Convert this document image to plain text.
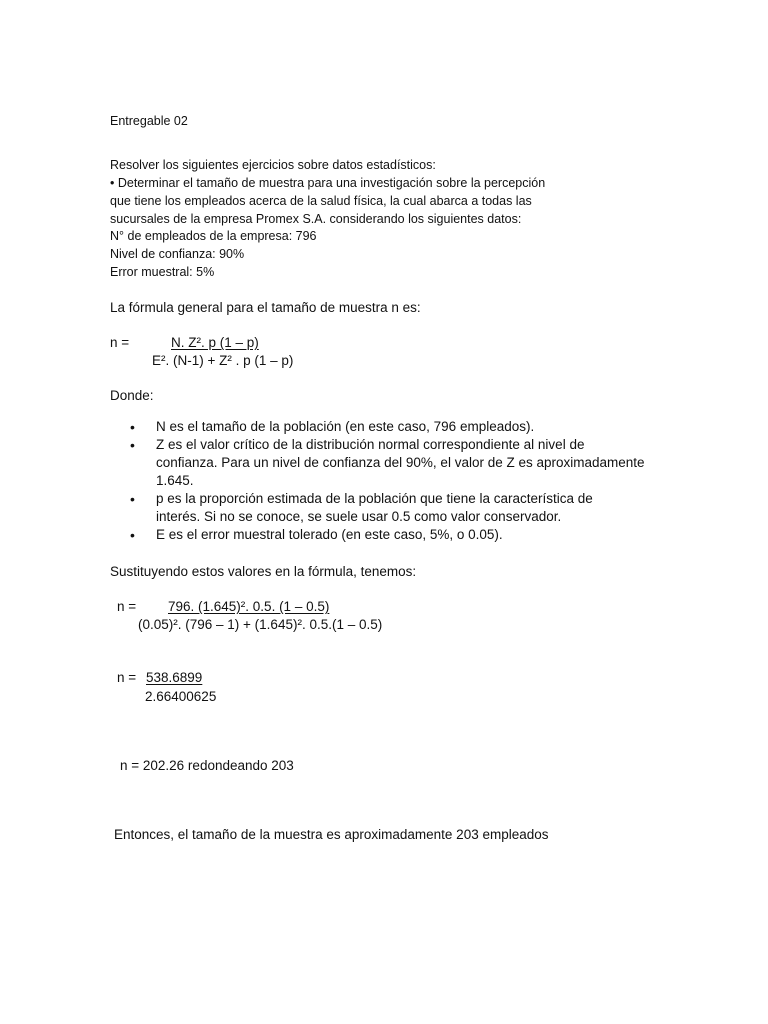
Entregable 02
Resolver los siguientes ejercicios sobre datos estadísticos:
• Determinar el tamaño de muestra para una investigación sobre la percepción
que tiene los empleados acerca de la salud física, la cual abarca a todas las
sucursales de la empresa Promex S.A. considerando los siguientes datos:
N° de empleados de la empresa: 796
Nivel de confianza: 90%
Error muestral: 5%
La fórmula general para el tamaño de muestra n es:
n =	N. Z². p (1 – p)
E². (N-1) + Z² . p (1 – p)
Donde:
• N es el tamaño de la población (en este caso, 796 empleados).
• Z es el valor crítico de la distribución normal correspondiente al nivel de
confianza. Para un nivel de confianza del 90%, el valor de Z es aproximadamente
1.645.
• p es la proporción estimada de la población que tiene la característica de
interés. Si no se conoce, se suele usar 0.5 como valor conservador.
• E es el error muestral tolerado (en este caso, 5%, o 0.05).
Sustituyendo estos valores en la fórmula, tenemos:
n = 796. (1.645)². 0.5. (1 – 0.5)
(0.05)². (796 – 1) + (1.645)². 0.5.(1 – 0.5)
n = 538.6899
2.66400625
n = 202.26 redondeando 203
Entonces, el tamaño de la muestra es aproximadamente 203 empleados
